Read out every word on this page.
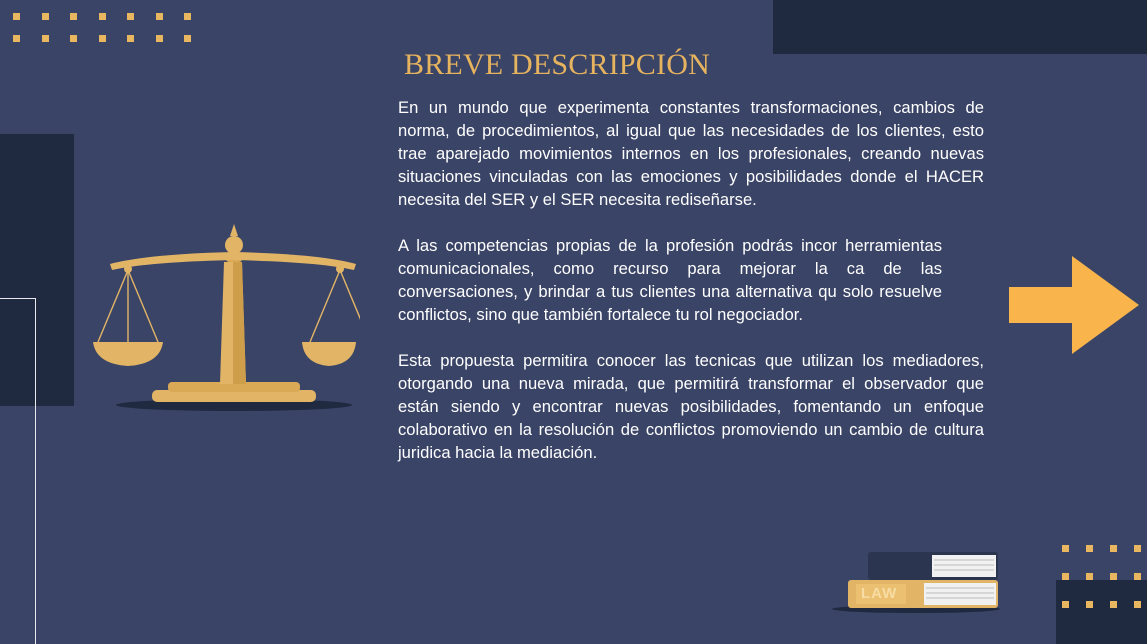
BREVE DESCRIPCIÓN

En un mundo que experimenta constantes transformaciones, cambios de norma, de procedimientos, al igual que las necesidades de los clientes, esto trae aparejado movimientos internos en los profesionales, creando nuevas situaciones vinculadas con las emociones y posibilidades donde el HACER necesita del SER y el SER necesita rediseñarse.

A las competencias propias de la profesión podrás incor herramientas comunicacionales, como recurso para mejorar la ca de las conversaciones, y brindar a tus clientes una alternativa qu solo resuelve conflictos, sino que también fortalece tu rol negociador.

Esta propuesta permitira conocer las tecnicas que utilizan los mediadores, otorgando una nueva mirada, que permitirá transformar el observador que están siendo y encontrar nuevas posibilidades, fomentando un enfoque colaborativo en la resolución de conflictos promoviendo un cambio de cultura juridica hacia la mediación.

LAW
